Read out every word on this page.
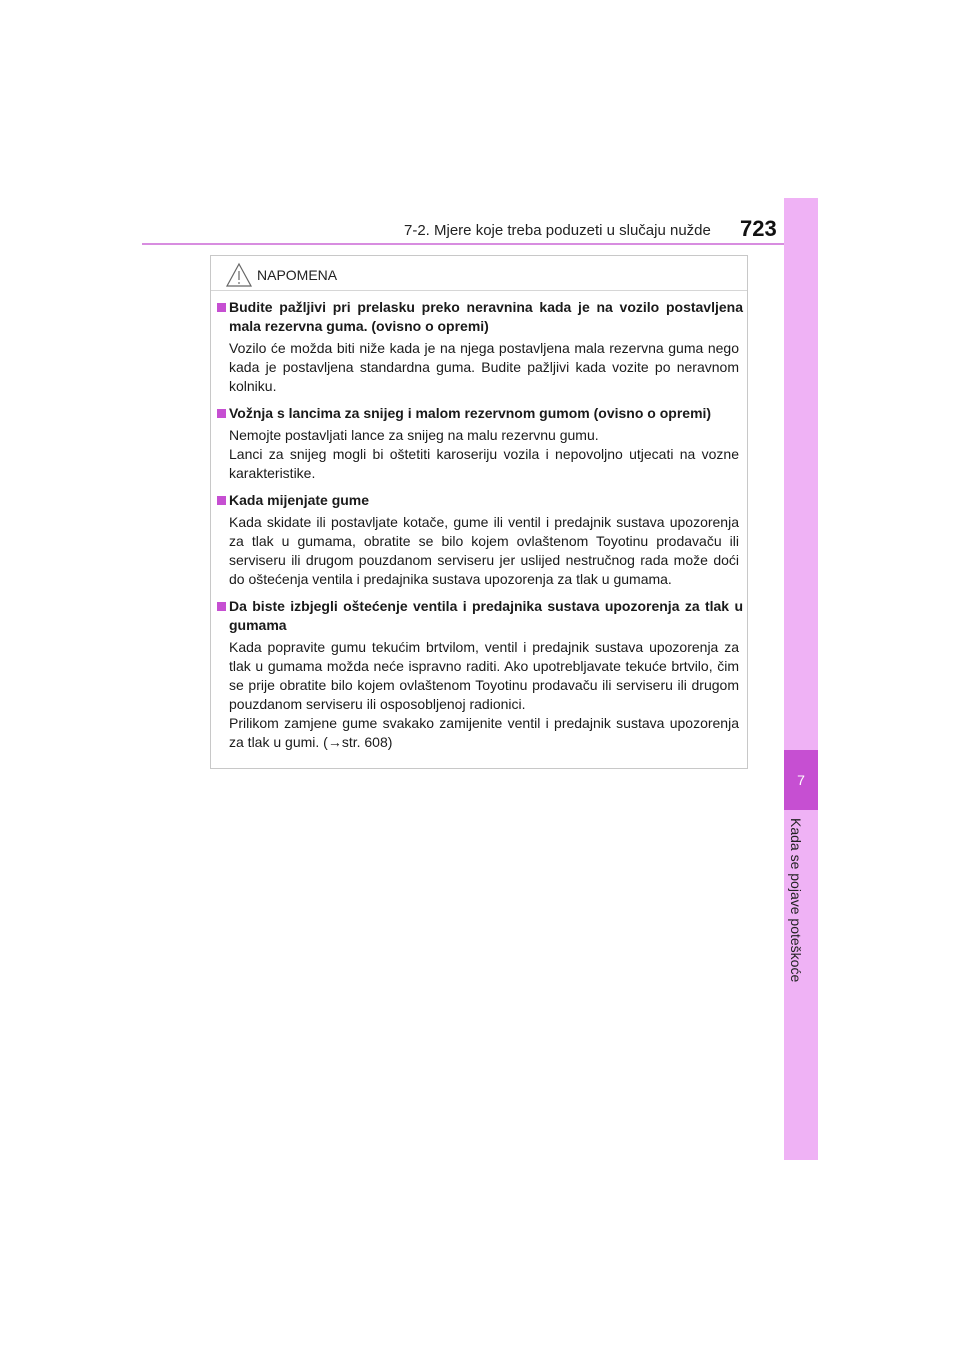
7-2. Mjere koje treba poduzeti u slučaju nužde 723
7
Kada se pojave poteškoće
NAPOMENA
Budite pažljivi pri prelasku preko neravnina kada je na vozilo postavljena mala rezervna guma. (ovisno o opremi)

Vozilo će možda biti niže kada je na njega postavljena mala rezervna guma nego kada je postavljena standardna guma. Budite pažljivi kada vozite po neravnom kolniku.

Vožnja s lancima za snijeg i malom rezervnom gumom (ovisno o opremi)

Nemojte postavljati lance za snijeg na malu rezervnu gumu.

Lanci za snijeg mogli bi oštetiti karoseriju vozila i nepovoljno utjecati na vozne karakteristike.

Kada mijenjate gume

Kada skidate ili postavljate kotače, gume ili ventil i predajnik sustava upozorenja za tlak u gumama, obratite se bilo kojem ovlaštenom Toyotinu prodavaču ili serviseru ili drugom pouzdanom serviseru jer uslijed nestručnog rada može doći do oštećenja ventila i predajnika sustava upozorenja za tlak u gumama.

Da biste izbjegli oštećenje ventila i predajnika sustava upozorenja za tlak u gumama

Kada popravite gumu tekućim brtvilom, ventil i predajnik sustava upozorenja za tlak u gumama možda neće ispravno raditi. Ako upotrebljavate tekuće brtvilo, čim se prije obratite bilo kojem ovlaštenom Toyotinu prodavaču ili serviseru ili drugom pouzdanom serviseru ili osposobljenoj radionici.

Prilikom zamjene gume svakako zamijenite ventil i predajnik sustava upozorenja za tlak u gumi. (→str. 608)
